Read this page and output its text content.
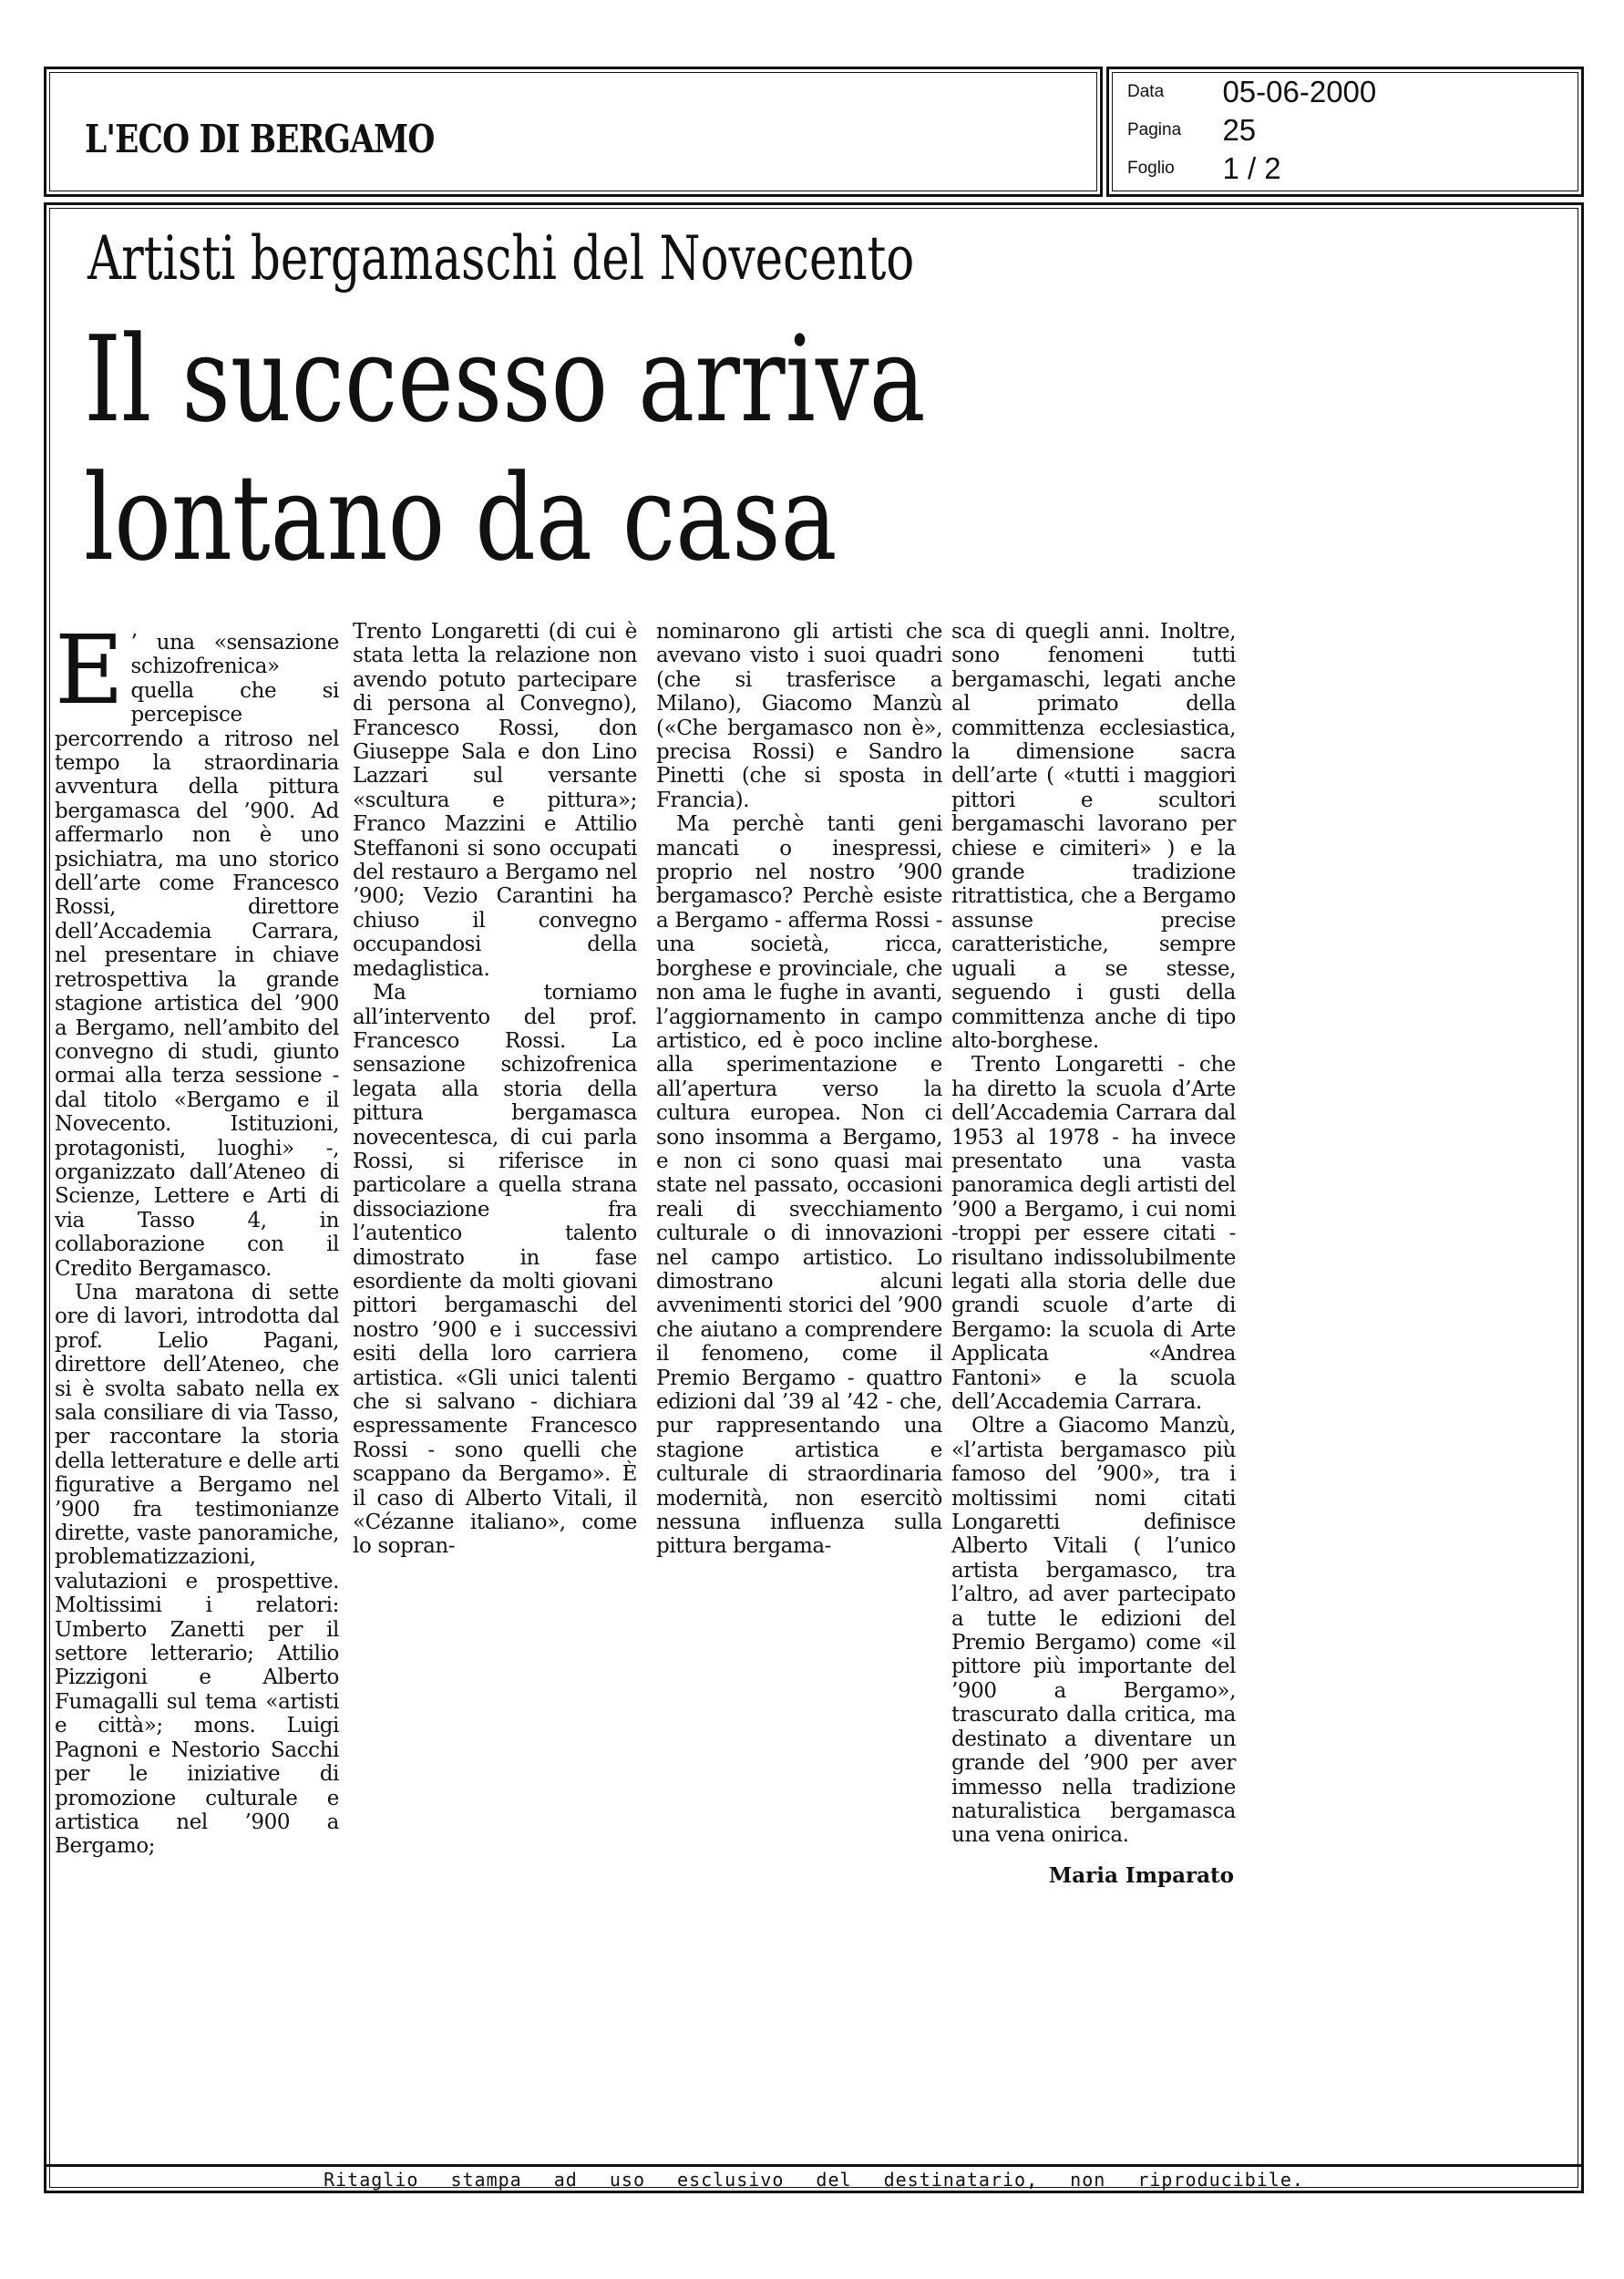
L'ECO DI BERGAMO
Data 05-06-2000
Pagina 25
Foglio 1 / 2
Artisti bergamaschi del Novecento
Il successo arriva
lontano da casa

E ’ una «sensazione schizofrenica» quella che si percepisce percorrendo a ritroso nel tempo la straordinaria avventura della pittura bergamasca del ’900. Ad affermarlo non è uno psichiatra, ma uno storico dell’arte come Francesco Rossi, direttore dell’Accademia Carrara, nel presentare in chiave retrospettiva la grande stagione artistica del ’900 a Bergamo, nell’ambito del convegno di studi, giunto ormai alla terza sessione - dal titolo «Bergamo e il Novecento. Istituzioni, protagonisti, luoghi» -, organizzato dall’Ateneo di Scienze, Lettere e Arti di via Tasso 4, in collaborazione con il Credito Bergamasco.

Una maratona di sette ore di lavori, introdotta dal prof. Lelio Pagani, direttore dell’Ateneo, che si è svolta sabato nella ex sala consiliare di via Tasso, per raccontare la storia della letterature e delle arti figurative a Bergamo nel ’900 fra testimonianze dirette, vaste panoramiche, problematizzazioni, valutazioni e prospettive. Moltissimi i relatori: Umberto Zanetti per il settore letterario; Attilio Pizzigoni e Alberto Fumagalli sul tema «artisti e città»; mons. Luigi Pagnoni e Nestorio Sacchi per le iniziative di promozione culturale e artistica nel ’900 a Bergamo;

Trento Longaretti (di cui è stata letta la relazione non avendo potuto partecipare di persona al Convegno), Francesco Rossi, don Giuseppe Sala e don Lino Lazzari sul versante «scultura e pittura»; Franco Mazzini e Attilio Steffanoni si sono occupati del restauro a Bergamo nel ’900; Vezio Carantini ha chiuso il convegno occupandosi della medaglistica.

Ma torniamo all’intervento del prof. Francesco Rossi. La sensazione schizofrenica legata alla storia della pittura bergamasca novecentesca, di cui parla Rossi, si riferisce in particolare a quella strana dissociazione fra l’autentico talento dimostrato in fase esordiente da molti giovani pittori bergamaschi del nostro ’900 e i successivi esiti della loro carriera artistica. «Gli unici talenti che si salvano - dichiara espressamente Francesco Rossi - sono quelli che scappano da Bergamo». È il caso di Alberto Vitali, il «Cézanne italiano», come lo sopran-

nominarono gli artisti che avevano visto i suoi quadri (che si trasferisce a Milano), Giacomo Manzù («Che bergamasco non è», precisa Rossi) e Sandro Pinetti (che si sposta in Francia).

Ma perchè tanti geni mancati o inespressi, proprio nel nostro ’900 bergamasco? Perchè esiste a Bergamo - afferma Rossi - una società, ricca, borghese e provinciale, che non ama le fughe in avanti, l’aggiornamento in campo artistico, ed è poco incline alla sperimentazione e all’apertura verso la cultura europea. Non ci sono insomma a Bergamo, e non ci sono quasi mai state nel passato, occasioni reali di svecchiamento culturale o di innovazioni nel campo artistico. Lo dimostrano alcuni avvenimenti storici del ’900 che aiutano a comprendere il fenomeno, come il Premio Bergamo - quattro edizioni dal ’39 al ’42 - che, pur rappresentando una stagione artistica e culturale di straordinaria modernità, non esercitò nessuna influenza sulla pittura bergama-

sca di quegli anni. Inoltre, sono fenomeni tutti bergamaschi, legati anche al primato della committenza ecclesiastica, la dimensione sacra dell’arte ( «tutti i maggiori pittori e scultori bergamaschi lavorano per chiese e cimiteri» ) e la grande tradizione ritrattistica, che a Bergamo assunse precise caratteristiche, sempre uguali a se stesse, seguendo i gusti della committenza anche di tipo alto-borghese.

Trento Longaretti - che ha diretto la scuola d’Arte dell’Accademia Carrara dal 1953 al 1978 - ha invece presentato una vasta panoramica degli artisti del ’900 a Bergamo, i cui nomi -troppi per essere citati - risultano indissolubilmente legati alla storia delle due grandi scuole d’arte di Bergamo: la scuola di Arte Applicata «Andrea Fantoni» e la scuola dell’Accademia Carrara.

Oltre a Giacomo Manzù, «l’artista bergamasco più famoso del ’900», tra i moltissimi nomi citati Longaretti definisce Alberto Vitali ( l’unico artista bergamasco, tra l’altro, ad aver partecipato a tutte le edizioni del Premio Bergamo) come «il pittore più importante del ’900 a Bergamo», trascurato dalla critica, ma destinato a diventare un grande del ’900 per aver immesso nella tradizione naturalistica bergamasca una vena onirica.

Maria Imparato
Ritaglio stampa ad uso esclusivo del destinatario, non riproducibile.
